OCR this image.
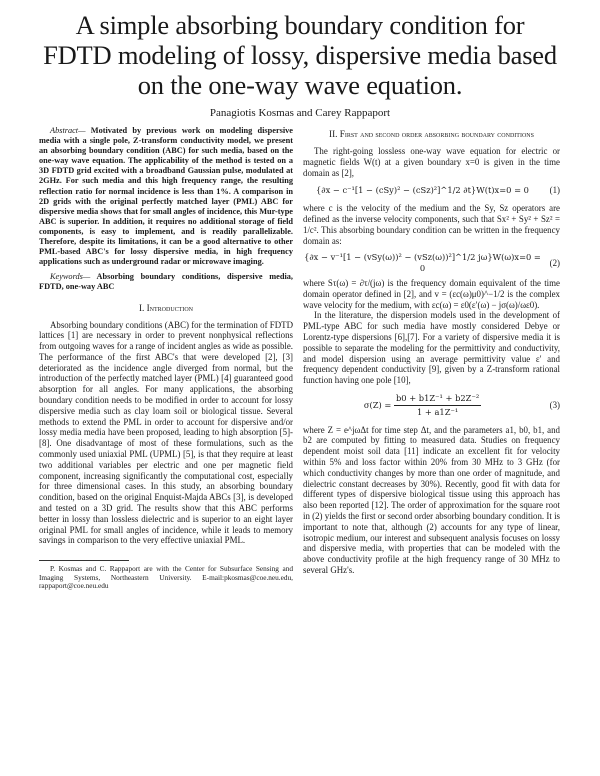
A simple absorbing boundary condition for FDTD modeling of lossy, dispersive media based on the one-way wave equation.
Panagiotis Kosmas and Carey Rappaport

Abstract— Motivated by previous work on modeling dispersive media with a single pole, Z-transform conductivity model, we present an absorbing boundary condition (ABC) for such media, based on the one-way wave equation. The applicability of the method is tested on a 3D FDTD grid excited with a broadband Gaussian pulse, modulated at 2GHz. For such media and this high frequency range, the resulting reflection ratio for normal incidence is less than 1%. A comparison in 2D grids with the original perfectly matched layer (PML) ABC for dispersive media shows that for small angles of incidence, this Mur-type ABC is superior. In addition, it requires no additional storage of field components, is easy to implement, and is readily parallelizable. Therefore, despite its limitations, it can be a good alternative to other PML-based ABC's for lossy dispersive media, in high frequency applications such as underground radar or microwave imaging.

Keywords— Absorbing boundary conditions, dispersive media, FDTD, one-way ABC

I. Introduction

Absorbing boundary conditions (ABC) for the termination of FDTD lattices [1] are necessary in order to prevent nonphysical reflections from outgoing waves for a range of incident angles as wide as possible. The performance of the first ABC's that were developed [2], [3] deteriorated as the incidence angle diverged from normal, but the introduction of the perfectly matched layer (PML) [4] guaranteed good absorption for all angles. For many applications, the absorbing boundary condition needs to be modified in order to account for lossy dispersive media such as clay loam soil or biological tissue. Several methods to extend the PML in order to account for dispersive and/or lossy media media have been proposed, leading to high absorption [5]-[8]. One disadvantage of most of these formulations, such as the commonly used uniaxial PML (UPML) [5], is that they require at least two additional variables per electric and one per magnetic field component, increasing significantly the computational cost, especially for three dimensional cases. In this study, an absorbing boundary condition, based on the original Enquist-Majda ABCs [3], is developed and tested on a 3D grid. The results show that this ABC performs better in lossy than lossless dielectric and is superior to an eight layer original PML for small angles of incidence, while it leads to memory savings in comparison to the very effective uniaxial PML.

P. Kosmas and C. Rappaport are with the Center for Subsurface Sensing and Imaging Systems, Northeastern University. E-mail:pkosmas@coe.neu.edu, rappaport@coe.neu.edu

II. First and second order absorbing boundary conditions

The right-going lossless one-way wave equation for electric or magnetic fields W(t) at a given boundary x=0 is given in the time domain as [2],

{∂x − c⁻¹[1 − (cSy)² − (cSz)²]^1/2 ∂t}W(t)x=0 = 0	(1)

where c is the velocity of the medium and the Sy, Sz operators are defined as the inverse velocity components, such that Sx² + Sy² + Sz² = 1/c². This absorbing boundary condition can be written in the frequency domain as:

{∂x − v⁻¹[1 − (vSy(ω))² − (vSz(ω))²]^1/2 jω}W(ω)x=0 = 0
(2)

where Sτ(ω) = ∂τ/(jω) is the frequency domain equivalent of the time domain operator defined in [2], and v = (εc(ω)μ0)^−1/2 is the complex wave velocity for the medium, with εc(ω) = ε0(ε′(ω) − jσ(ω)/ωε0).

In the literature, the dispersion models used in the development of PML-type ABC for such media have mostly considered Debye or Lorentz-type dispersions [6],[7]. For a variety of dispersive media it is possible to separate the modeling for the permittivity and conductivity, and model dispersion using an average permittivity value ε′ and frequency dependent conductivity [9], given by a Z-transform rational function having one pole [10],

$\sigma(Z) = \frac{\text{b0 + b1Z⁻¹ + b2Z⁻²}}{\text{1 + a1Z⁻¹}}$	(3)

where Z = e^jωΔt for time step Δt, and the parameters a1, b0, b1, and b2 are computed by fitting to measured data. Studies on frequency dependent moist soil data [11] indicate an excellent fit for velocity within 5% and loss factor within 20% from 30 MHz to 3 GHz (for which conductivity changes by more than one order of magnitude, and dielectric constant decreases by 30%). Recently, good fit with data for different types of dispersive biological tissue using this approach has also been reported [12]. The order of approximation for the square root in (2) yields the first or second order absorbing boundary condition. It is important to note that, although (2) accounts for any type of linear, isotropic medium, our interest and subsequent analysis focuses on lossy and dispersive media, with properties that can be modeled with the above conductivity profile at the high frequency range of 30 MHz to several GHz's.
